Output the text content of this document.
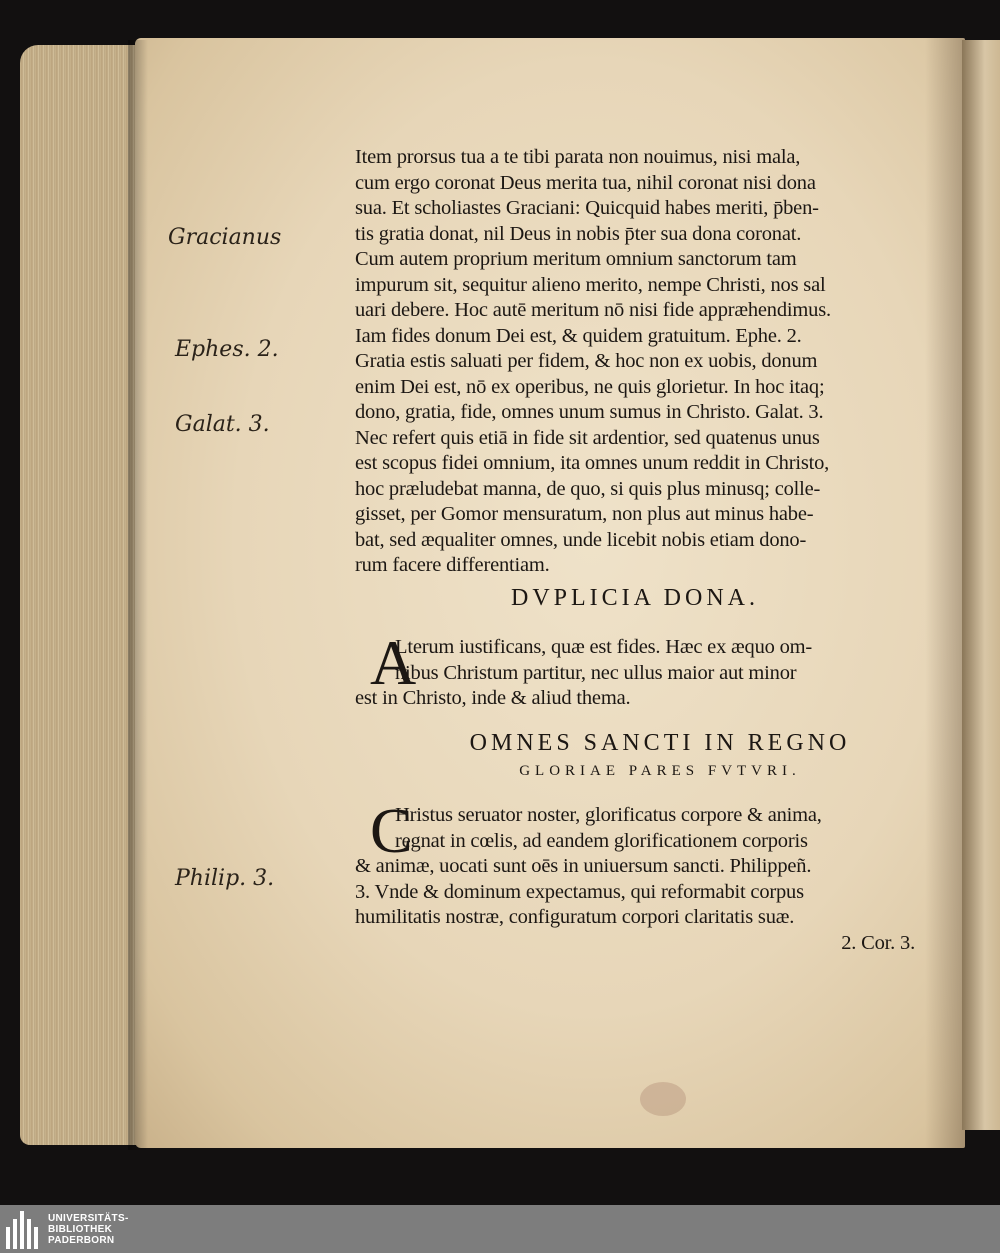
Gracianus
Ephes. 2.
Galat. 3.
Philip. 3.
Item prorsus tua a te tibi parata non nouimus, nisi mala,
cum ergo coronat Deus merita tua, nihil coronat nisi dona
sua. Et scholiastes Graciani: Quicquid habes meriti, p̄ben-
tis gratia donat, nil Deus in nobis p̄ter sua dona coronat.
Cum autem proprium meritum omnium sanctorum tam
impurum sit, sequitur alieno merito, nempe Christi, nos sal
uari debere. Hoc autē meritum nō nisi fide appræhendimus.
Iam fides donum Dei est, & quidem gratuitum. Ephe. 2.
Gratia estis saluati per fidem, & hoc non ex uobis, donum
enim Dei est, nō ex operibus, ne quis glorietur. In hoc itaq;
dono, gratia, fide, omnes unum sumus in Christo. Galat. 3.
Nec refert quis etiā in fide sit ardentior, sed quatenus unus
est scopus fidei omnium, ita omnes unum reddit in Christo,
hoc præludebat manna, de quo, si quis plus minusq; colle-
gisset, per Gomor mensuratum, non plus aut minus habe-
bat, sed æqualiter omnes, unde licebit nobis etiam dono-
rum facere differentiam.
DVPLICIA DONA.
A
Lterum iustificans, quæ est fides. Hæc ex æquo om-
nibus Christum partitur, nec ullus maior aut minor
est in Christo, inde & aliud thema.
OMNES SANCTI IN REGNO
GLORIAE PARES FVTVRI.
C
Hristus seruator noster, glorificatus corpore & anima,
regnat in cœlis, ad eandem glorificationem corporis
& animæ, uocati sunt oēs in uniuersum sancti. Philippeñ.
3. Vnde & dominum expectamus, qui reformabit corpus
humilitatis nostræ, configuratum corpori claritatis suæ.
2. Cor. 3.
UNIVERSITÄTS-
BIBLIOTHEK
PADERBORN
